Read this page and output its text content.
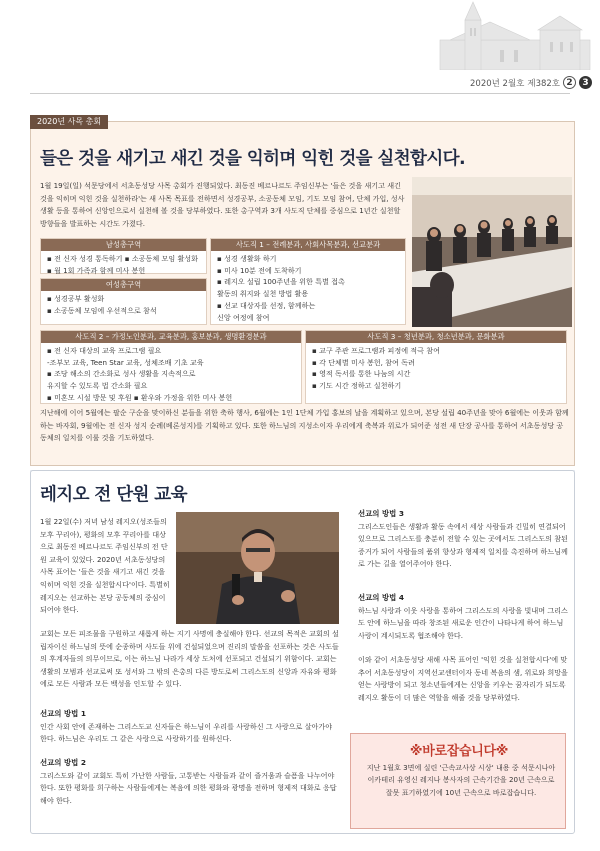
2020년 2월호 제382호 2	3
2020년 사목 총회
들은 것을 새기고 새긴 것을 익히며 익힌 것을 실천합시다.
1월 19일(일) 석문당에서 서초동성당 사목 총회가 진행되었다. 최동진 베르나르도 주임신부는 '들은 것을 새기고 새긴 것을 익히며 익힌 것을 실천하라'는 새 사목 목표를 전하면서 성경공부, 소공동체 모임, 기도 모임 참여, 단체 가입, 성사 생활 등을 통하여 신앙인으로서 실천해 볼 것을 당부하였다. 또한 총구역과 3개 사도직 단체를 중심으로 1년간 실천할 방향들을 발표하는 시간도 가졌다.
남성총구역
▪ 전 신자 성경 통독하기 ▪ 소공동체 모임 활성화
▪ 월 1회 가족과 함께 미사 봉헌
여성총구역
▪ 성경공부 활성화
▪ 소공동체 모임에 우선적으로 참석
사도직 1 – 전례분과, 사회사목분과, 선교분과
▪ 성경 생활화 하기
▪ 미사 10분 전에 도착하기
▪ 레지오 설립 100주년을 위한 특별 접촉
활동의 취지와 실천 방법 활용
▪ 선교 대상자를 선정, 함께하는
신앙 여정에 참여
사도직 2 – 가정노인분과, 교육분과, 홍보분과, 생명환경분과
▪ 전 신자 대상의 교육 프로그램 필요
-조부모 교육, Teen Star 교육, 성체조배 기초 교육
▪ 조당 해소의 간소화로 성사 생활을 지속적으로
유지할 수 있도록 법 간소화 필요
▪ 미혼모 시설 방문 및 후원 ▪ 환우와 가정을 위한 미사 봉헌
사도직 3 – 청년분과, 청소년분과, 문화분과
▪ 교구 주관 프로그램과 피정에 적극 참여
▪ 각 단체별 미사 봉헌, 참여 독려
▪ 영적 독서를 통한 나눔의 시간
▪ 기도 시간 정하고 실천하기
지난해에 이어 5월에는 팔순 구순을 맞이하신 분들을 위한 축하 행사, 6월에는 1인 1단체 가입 홍보의 날을 계획하고 있으며, 본당 설립 40주년을 맞아 6월에는 이웃과 함께하는 바자회, 9월에는 전 신자 성지 순례(베론성지)를 기획하고 있다. 또한 하느님의 지성소이자 우리에게 축복과 위로가 되어준 성전 새 단장 공사를 통하여 서초동성당 공동체의 일치를 이룰 것을 기도하였다.
레지오 전 단원 교육
1월 22일(수) 저녁 남성 레지오(성조들의 모후 꾸리아), 평화의 모후 꾸리아를 대상으로 최동진 베르나르도 주임신부의 전 단원 교육이 있었다. 2020년 서초동성당의 사목 표어는 '들은 것을 새기고 새긴 것을 익히며 익힌 것을 실천합시다'이다. 특별히 레지오는 선교하는 본당 공동체의 중심이 되어야 한다.
교회는 모든 피조물을 구원하고 새롭게 하는 지기 사명에 충실해야 한다. 선교의 목적은 교회의 설립자이신 하느님의 뜻에 순종하며 사도들 위에 건설되었으며 진리의 말씀을 선포하는 것은 사도들의 후계자들의 의무이므로, 이는 하느님 나라가 세상 도처에 선포되고 건설되기 위함이다. 교회는 생활의 모범과 선교로써 또 성서와 그 밖의 은총의 다른 방도로써 그리스도의 신앙과 자유와 평화에로 모든 사람과 모든 백성을 인도할 수 있다.
선교의 방법 1

인간 사회 안에 존재하는 그리스도교 신자들은 하느님이 우리를 사랑하신 그 사랑으로 살아가야 한다. 하느님은 우리도 그 같은 사랑으로 사랑하기를 원하신다.

선교의 방법 2

그리스도와 같이 교회도 특히 가난한 사람들, 고통받는 사람들과 같이 즐거움과 슬픔을 나누어야 한다. 또한 평화를 희구하는 사람들에게는 복음에 의한 평화와 광명을 전하며 형제적 대화로 응답해야 한다.

선교의 방법 3

그리스도인들은 생활과 활동 속에서 세상 사람들과 긴밀히 연결되어 있으므로 그리스도를 충분히 전할 수 있는 곳에서도 그리스도의 참된 증거가 되어 사람들의 품위 향상과 형제적 일치를 촉진하며 하느님께로 가는 길을 열어주어야 한다.

선교의 방법 4

하느님 사랑과 이웃 사랑을 통하여 그리스도의 사랑을 빛내며 그리스도 안에 하느님을 따라 창조된 새로운 인간이 나타나게 하여 하느님 사랑이 계시되도록 협조해야 한다.

이와 같이 서초동성당 새해 사목 표어인 '익힌 것을 실천합시다'에 맞추어 서초동성당이 지역선교센터이자 동네 복음의 샘, 위로와 희망을 얻는 사랑방이 되고 청소년들에게는 신앙을 키우는 꿈자리가 되도록 레지오 활동이 더 많은 역할을 해줄 것을 당부하였다.
※바로잡습니다※
지난 1월호 3면에 실린 '근속교사상 시상' 내용 중 석문시나아이카테리 유영신 레지나 봉사자의 근속기간을 20년 근속으로 잘못 표기하였기에 10년 근속으로 바로잡습니다.
